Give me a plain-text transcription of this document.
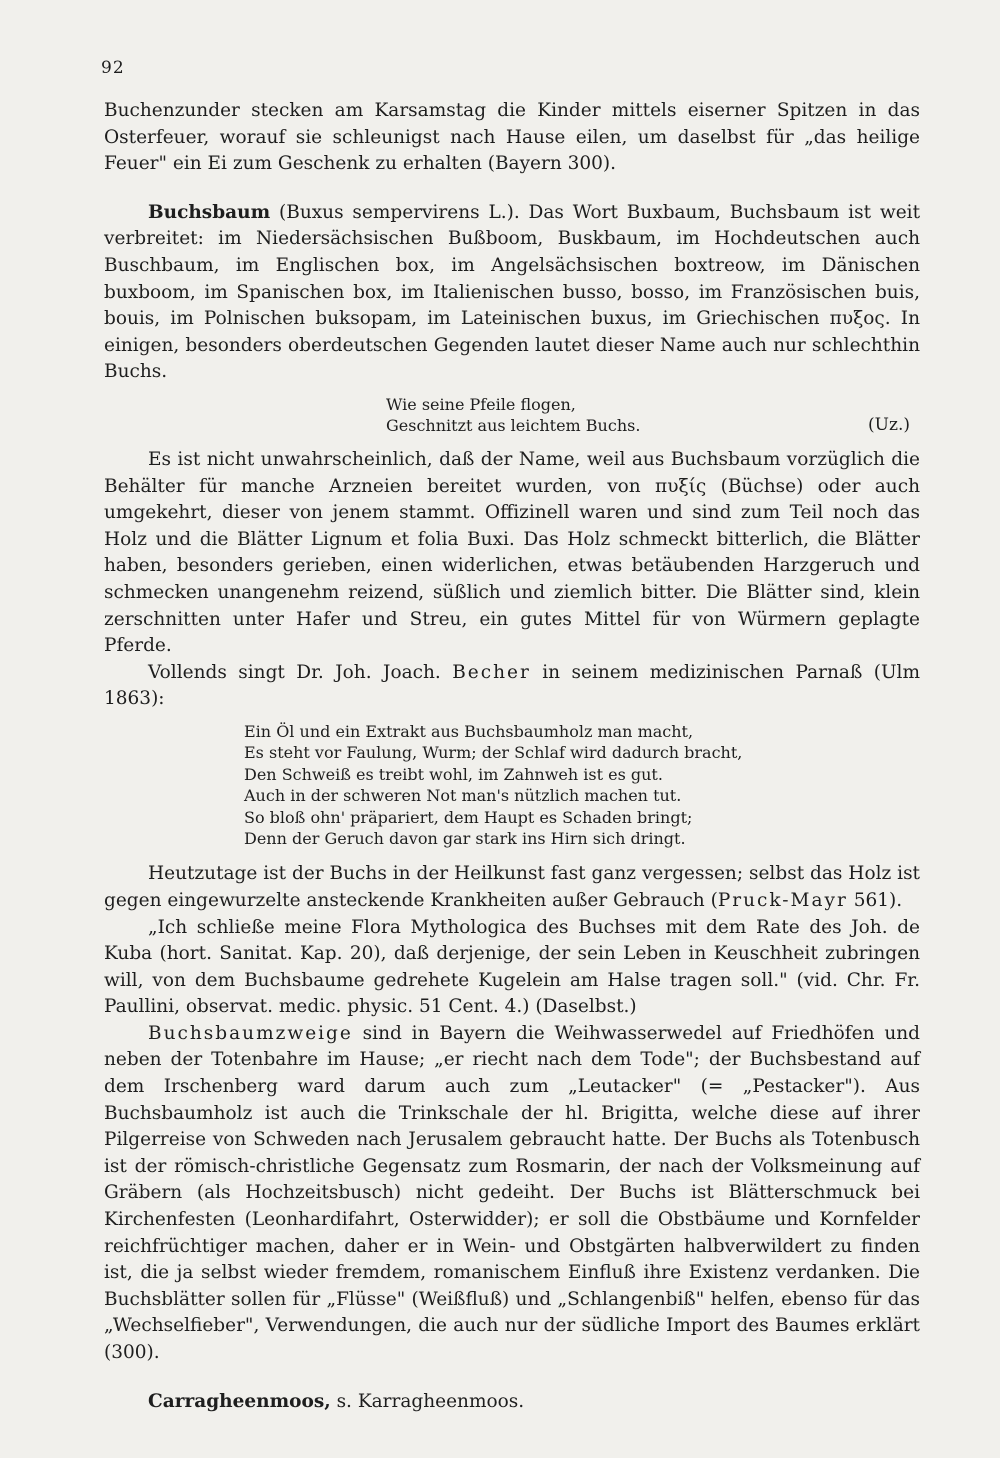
92

Buchenzunder stecken am Karsamstag die Kinder mittels eiserner Spitzen in das Osterfeuer, worauf sie schleunigst nach Hause eilen, um daselbst für „das heilige Feuer" ein Ei zum Geschenk zu erhalten (Bayern 300).

Buchsbaum (Buxus sempervirens L.). Das Wort Buxbaum, Buchsbaum ist weit verbreitet: im Niedersächsischen Bußboom, Buskbaum, im Hochdeutschen auch Buschbaum, im Englischen box, im Angelsächsischen boxtreow, im Dänischen buxboom, im Spanischen box, im Italienischen busso, bosso, im Französischen buis, bouis, im Polnischen buksopam, im Lateinischen buxus, im Griechischen πυξος. In einigen, besonders oberdeutschen Gegenden lautet dieser Name auch nur schlechthin Buchs.

Wie seine Pfeile flogen,
Geschnitzt aus leichtem Buchs.	(Uz.)

Es ist nicht unwahrscheinlich, daß der Name, weil aus Buchsbaum vorzüglich die Behälter für manche Arzneien bereitet wurden, von πυξίς (Büchse) oder auch umgekehrt, dieser von jenem stammt. Offizinell waren und sind zum Teil noch das Holz und die Blätter Lignum et folia Buxi. Das Holz schmeckt bitterlich, die Blätter haben, besonders gerieben, einen widerlichen, etwas betäubenden Harzgeruch und schmecken unangenehm reizend, süßlich und ziemlich bitter. Die Blätter sind, klein zerschnitten unter Hafer und Streu, ein gutes Mittel für von Würmern geplagte Pferde.

Vollends singt Dr. Joh. Joach. Becher in seinem medizinischen Parnaß (Ulm 1863):

Ein Öl und ein Extrakt aus Buchsbaumholz man macht,
Es steht vor Faulung, Wurm; der Schlaf wird dadurch bracht,
Den Schweiß es treibt wohl, im Zahnweh ist es gut.
Auch in der schweren Not man's nützlich machen tut.
So bloß ohn' präpariert, dem Haupt es Schaden bringt;
Denn der Geruch davon gar stark ins Hirn sich dringt.

Heutzutage ist der Buchs in der Heilkunst fast ganz vergessen; selbst das Holz ist gegen eingewurzelte ansteckende Krankheiten außer Gebrauch (Pruck-Mayr 561).

„Ich schließe meine Flora Mythologica des Buchses mit dem Rate des Joh. de Kuba (hort. Sanitat. Kap. 20), daß derjenige, der sein Leben in Keuschheit zubringen will, von dem Buchsbaume gedrehete Kugelein am Halse tragen soll." (vid. Chr. Fr. Paullini, observat. medic. physic. 51 Cent. 4.) (Daselbst.)

Buchsbaumzweige sind in Bayern die Weihwasserwedel auf Friedhöfen und neben der Totenbahre im Hause; „er riecht nach dem Tode"; der Buchsbestand auf dem Irschenberg ward darum auch zum „Leutacker" (= „Pestacker"). Aus Buchsbaumholz ist auch die Trinkschale der hl. Brigitta, welche diese auf ihrer Pilgerreise von Schweden nach Jerusalem gebraucht hatte. Der Buchs als Totenbusch ist der römisch-christliche Gegensatz zum Rosmarin, der nach der Volksmeinung auf Gräbern (als Hochzeitsbusch) nicht gedeiht. Der Buchs ist Blätterschmuck bei Kirchenfesten (Leonhardifahrt, Osterwidder); er soll die Obstbäume und Kornfelder reichfrüchtiger machen, daher er in Wein- und Obstgärten halbverwildert zu finden ist, die ja selbst wieder fremdem, romanischem Einfluß ihre Existenz verdanken. Die Buchsblätter sollen für „Flüsse" (Weißfluß) und „Schlangenbiß" helfen, ebenso für das „Wechselfieber", Verwendungen, die auch nur der südliche Import des Baumes erklärt (300).

Carragheenmoos, s. Karragheenmoos.
